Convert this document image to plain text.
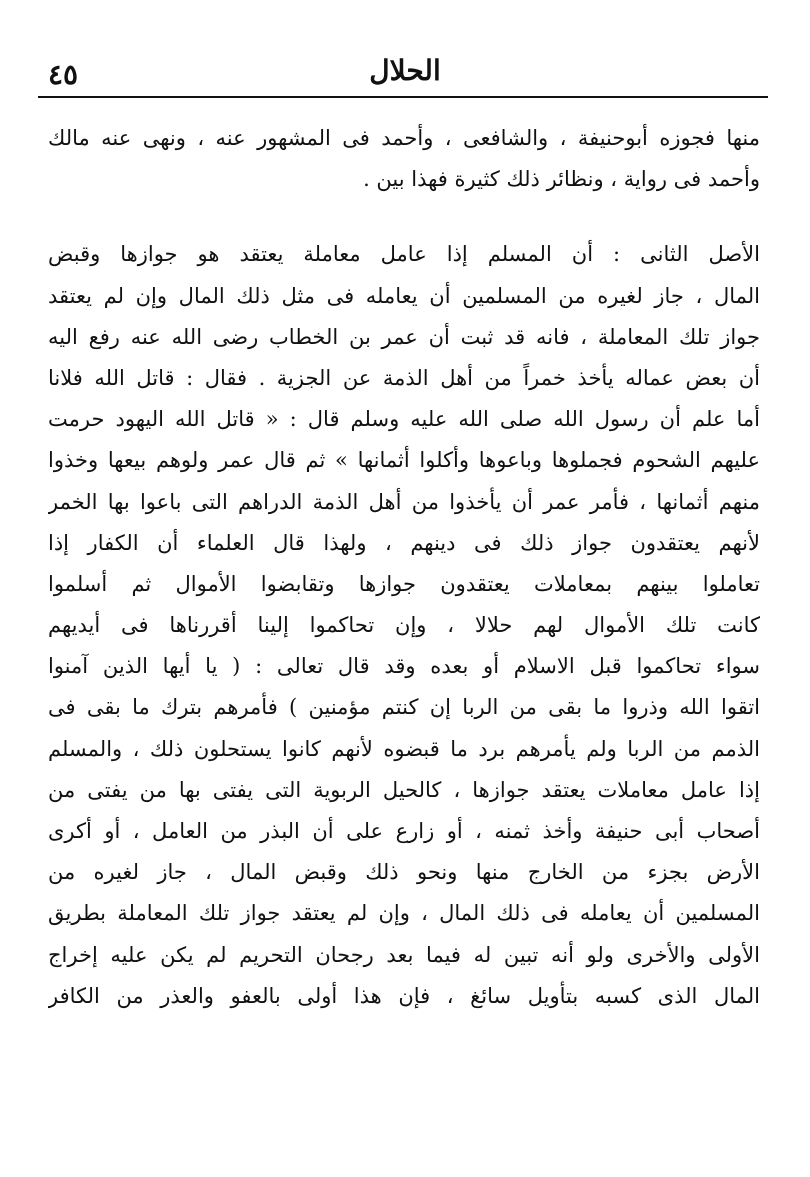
٤٥	الحلال
منها فجوزه أبوحنيفة ، والشافعى ، وأحمد فى المشهور عنه ، ونهى عنه مالك
وأحمد فى رواية ، ونظائر ذلك كثيرة فهذا بين .
الأصل الثانى : أن المسلم إذا عامل معاملة يعتقد هو جوازها وقبض
المال ، جاز لغيره من المسلمين أن يعامله فى مثل ذلك المال وإن لم يعتقد
جواز تلك المعاملة ، فانه قد ثبت أن عمر بن الخطاب رضى الله عنه رفع اليه
أن بعض عماله يأخذ خمراً من أهل الذمة عن الجزية . فقال : قاتل الله فلانا
أما علم أن رسول الله صلى الله عليه وسلم قال : « قاتل الله اليهود حرمت
عليهم الشحوم فجملوها وباعوها وأكلوا أثمانها » ثم قال عمر ولوهم بيعها وخذوا
منهم أثمانها ، فأمر عمر أن يأخذوا من أهل الذمة الدراهم التى باعوا بها الخمر
لأنهم يعتقدون جواز ذلك فى دينهم ، ولهذا قال العلماء أن الكفار إذا
تعاملوا بينهم بمعاملات يعتقدون جوازها وتقابضوا الأموال ثم أسلموا
كانت تلك الأموال لهم حلالا ، وإن تحاكموا إلينا أقررناها فى أيديهم
سواء تحاكموا قبل الاسلام أو بعده وقد قال تعالى : ( يا أيها الذين آمنوا
اتقوا الله وذروا ما بقى من الربا إن كنتم مؤمنين ) فأمرهم بترك ما بقى فى
الذمم من الربا ولم يأمرهم برد ما قبضوه لأنهم كانوا يستحلون ذلك ، والمسلم
إذا عامل معاملات يعتقد جوازها ، كالحيل الربوية التى يفتى بها من يفتى من
أصحاب أبى حنيفة وأخذ ثمنه ، أو زارع على أن البذر من العامل ، أو أكرى
الأرض بجزء من الخارج منها ونحو ذلك وقبض المال ، جاز لغيره من
المسلمين أن يعامله فى ذلك المال ، وإن لم يعتقد جواز تلك المعاملة بطريق
الأولى والأخرى ولو أنه تبين له فيما بعد رجحان التحريم لم يكن عليه إخراج
المال الذى كسبه بتأويل سائغ ، فإن هذا أولى بالعفو والعذر من الكافر
